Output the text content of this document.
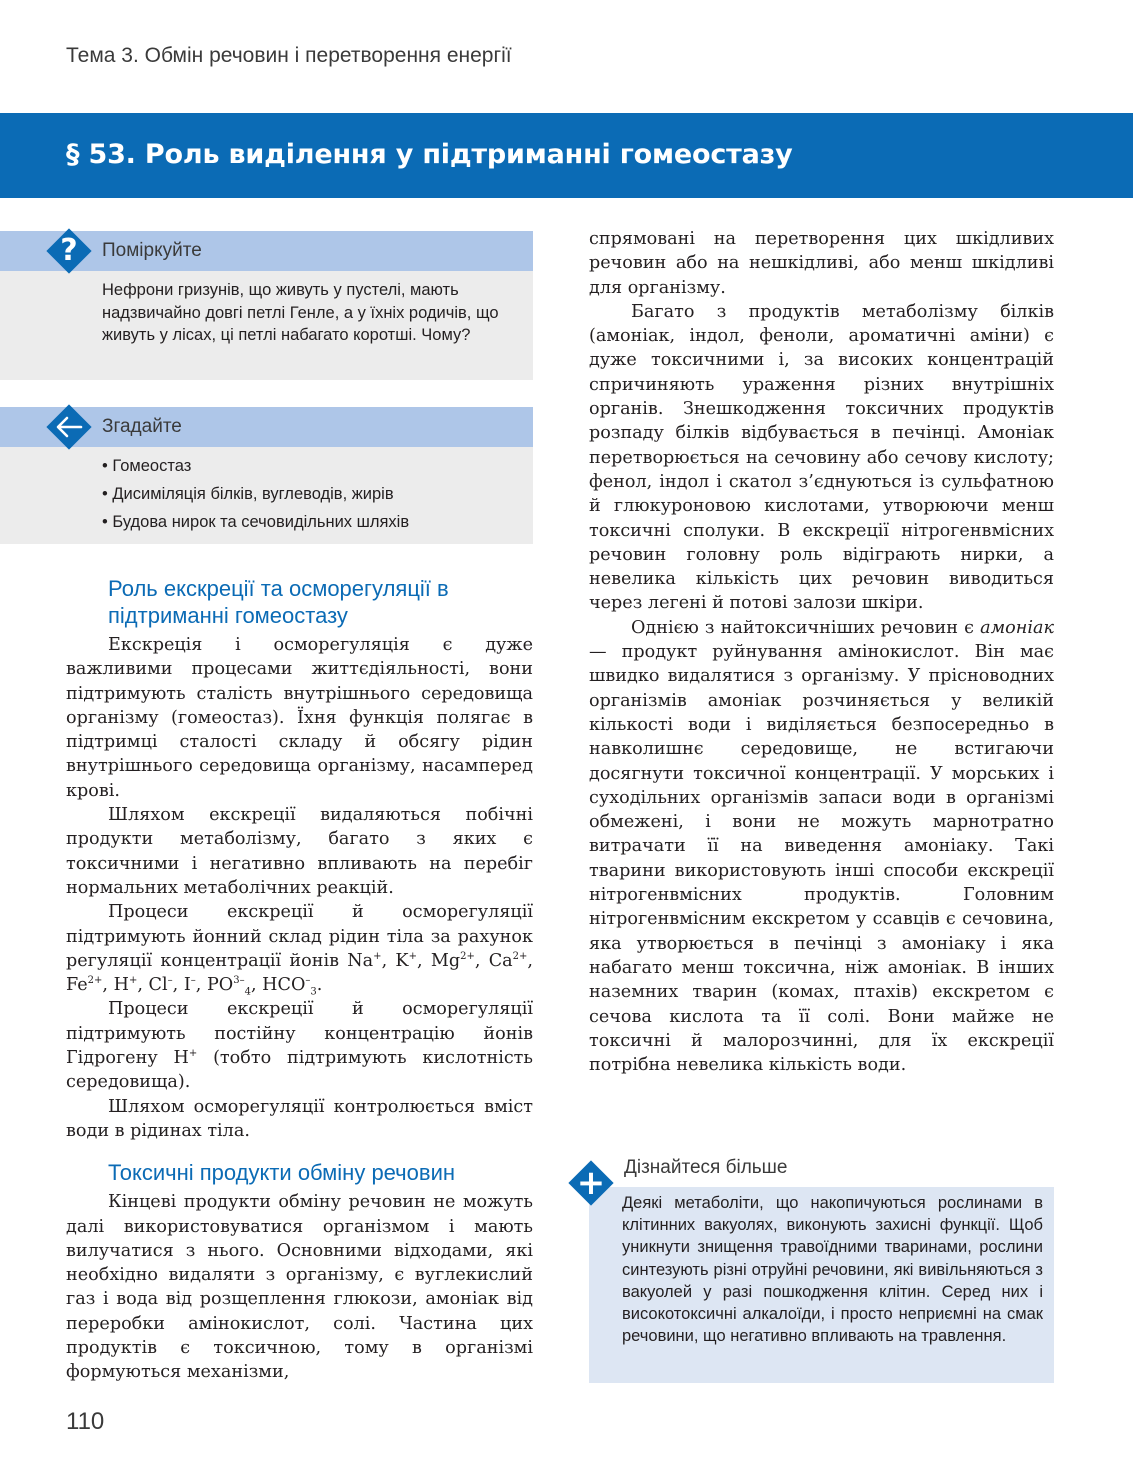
Тема 3. Обмін речовин і перетворення енергії
§ 53. Роль виділення у підтриманні гомеостазу
Поміркуйте
?
Нефрони гризунів, що живуть у пустелі, мають надзвичайно довгі петлі Генле, а у їхніх родичів, що живуть у лісах, ці петлі набагато коротші. Чому?
Згадайте
• Гомеостаз
• Дисиміляція білків, вуглеводів, жирів
• Будова нирок та сечовидільних шляхів
Роль екскреції та осморегуляції в підтриманні гомеостазу

Екскреція і осморегуляція є дуже важливими процесами життєдіяльності, вони підтримують сталість внутрішнього середовища організму (гомеостаз). Їхня функція полягає в підтримці сталості складу й обсягу рідин внутрішнього середовища організму, насамперед крові.

Шляхом екскреції видаляються побічні продукти метаболізму, багато з яких є токсичними і негативно впливають на перебіг нормальних метаболічних реакцій.

Процеси екскреції й осморегуляції підтримують йонний склад рідин тіла за рахунок регуляції концентрації йонів Na+, K+, $Mg^{2+}$, $Ca^{2+}$, $Fe^{2+}$, H+, Cl–, I–, $PO^{3-}_4$, $HCO^-_3$.

Процеси екскреції й осморегуляції підтримують постійну концентрацію йонів Гідрогену H+ (тобто підтримують кислотність середовища).

Шляхом осморегуляції контролюється вміст води в рідинах тіла.

Токсичні продукти обміну речовин

Кінцеві продукти обміну речовин не можуть далі використовуватися організмом і мають вилучатися з нього. Основними відходами, які необхідно видаляти з організму, є вуглекислий газ і вода від розщеплення глюкози, амоніак від переробки амінокислот, солі. Частина цих продуктів є токсичною, тому в організмі формуються механізми,

спрямовані на перетворення цих шкідливих речовин або на нешкідливі, або менш шкідливі для організму.

Багато з продуктів метаболізму білків (амоніак, індол, феноли, ароматичні аміни) є дуже токсичними і, за високих концентрацій спричиняють ураження різних внутрішніх органів. Знешкодження токсичних продуктів розпаду білків відбувається в печінці. Амоніак перетворюється на сечовину або сечову кислоту; фенол, індол і скатол з’єднуються із сульфатною й глюкуроновою кислотами, утворюючи менш токсичні сполуки. В екскреції нітрогенвмісних речовин головну роль відіграють нирки, а невелика кількість цих речовин виводиться через легені й потові залози шкіри.

Однією з найтоксичніших речовин є амоніак — продукт руйнування амінокислот. Він має швидко видалятися з організму. У прісноводних організмів амоніак розчиняється у великій кількості води і виділяється безпосередньо в навколишнє середовище, не встигаючи досягнути токсичної концентрації. У морських і суходільних організмів запаси води в організмі обмежені, і вони не можуть марнотратно витрачати її на виведення амоніаку. Такі тварини використовують інші способи екскреції нітрогенвмісних продуктів. Головним нітрогенвмісним екскретом у ссавців є сечовина, яка утворюється в печінці з амоніаку і яка набагато менш токсична, ніж амоніак. В інших наземних тварин (комах, птахів) екскретом є сечова кислота та її солі. Вони майже не токсичні й малорозчинні, для їх екскреції потрібна невелика кількість води.

Дізнайтеся більше
Деякі метаболіти, що накопичуються рослинами в клітинних вакуолях, виконують захисні функції. Щоб уникнути знищення травоїдними тваринами, рослини синтезують різні отруйні речовини, які вивільняються з вакуолей у разі пошкодження клітин. Серед них і високотоксичні алкалоїди, і просто неприємні на смак речовини, що негативно впливають на травлення.
+
110
